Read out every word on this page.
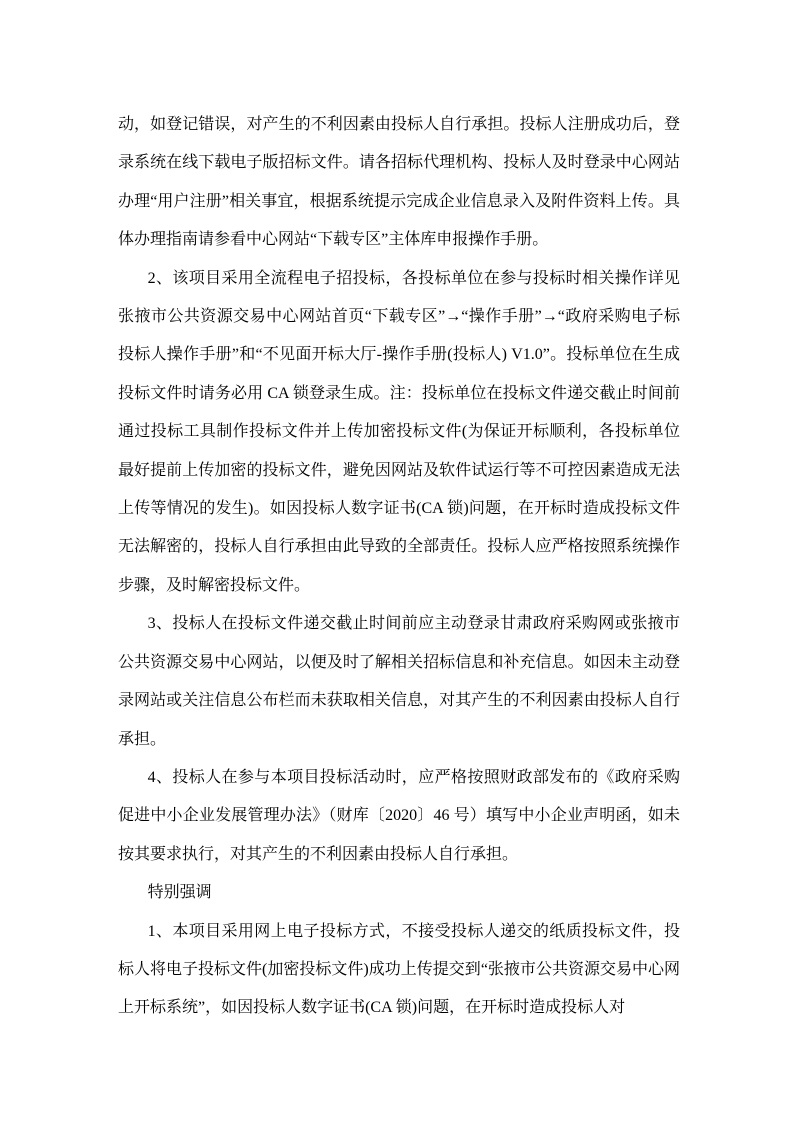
动，如登记错误，对产生的不利因素由投标人自行承担。投标人注册成功后，登录系统在线下载电子版招标文件。请各招标代理机构、投标人及时登录中心网站办理“用户注册”相关事宜，根据系统提示完成企业信息录入及附件资料上传。具体办理指南请参看中心网站“下载专区”主体库申报操作手册。

2、该项目采用全流程电子招投标，各投标单位在参与投标时相关操作详见张掖市公共资源交易中心网站首页“下载专区”→“操作手册”→“政府采购电子标投标人操作手册”和“不见面开标大厅-操作手册(投标人) V1.0”。投标单位在生成投标文件时请务必用 CA 锁登录生成。注：投标单位在投标文件递交截止时间前通过投标工具制作投标文件并上传加密投标文件(为保证开标顺利，各投标单位最好提前上传加密的投标文件，避免因网站及软件试运行等不可控因素造成无法上传等情况的发生)。如因投标人数字证书(CA 锁)问题，在开标时造成投标文件无法解密的，投标人自行承担由此导致的全部责任。投标人应严格按照系统操作步骤，及时解密投标文件。

3、投标人在投标文件递交截止时间前应主动登录甘肃政府采购网或张掖市公共资源交易中心网站，以便及时了解相关招标信息和补充信息。如因未主动登录网站或关注信息公布栏而未获取相关信息，对其产生的不利因素由投标人自行承担。

4、投标人在参与本项目投标活动时，应严格按照财政部发布的《政府采购促进中小企业发展管理办法》（财库〔2020〕46 号）填写中小企业声明函，如未按其要求执行，对其产生的不利因素由投标人自行承担。

特别强调

1、本项目采用网上电子投标方式，不接受投标人递交的纸质投标文件，投标人将电子投标文件(加密投标文件)成功上传提交到“张掖市公共资源交易中心网上开标系统”，如因投标人数字证书(CA 锁)问题，在开标时造成投标人对
